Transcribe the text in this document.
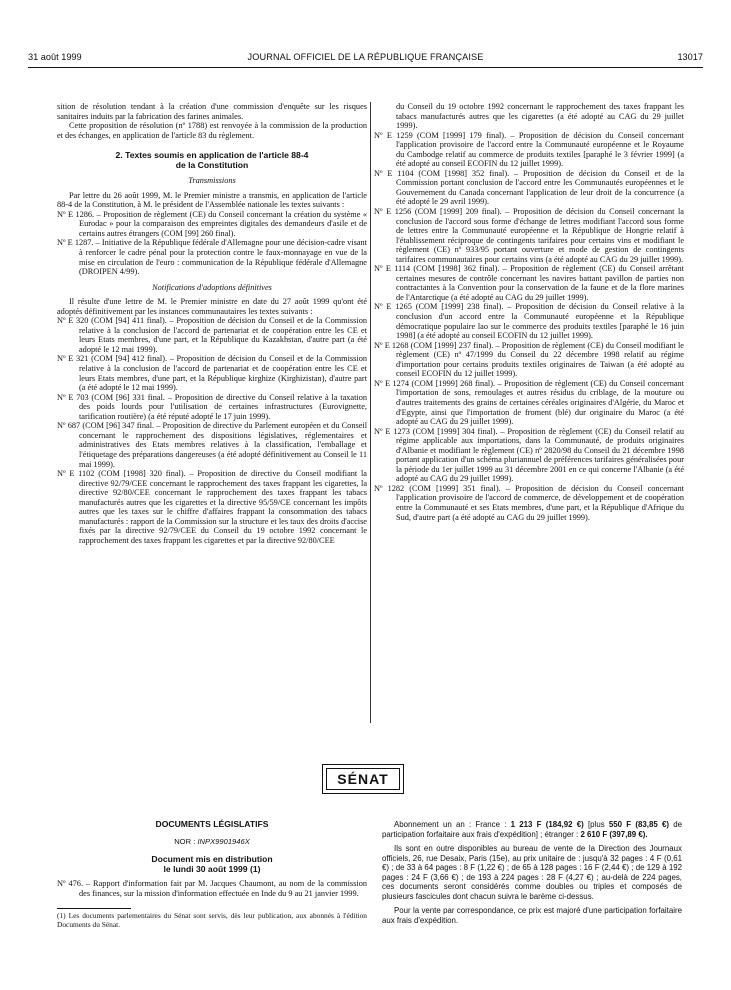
31 août 1999	JOURNAL OFFICIEL DE LA RÉPUBLIQUE FRANÇAISE	13017

sition de résolution tendant à la création d'une commission d'enquête sur les risques sanitaires induits par la fabrication des farines animales.

Cette proposition de résolution (nº 1788) est renvoyée à la commission de la production et des échanges, en application de l'article 83 du règlement.

2. Textes soumis en application de l'article 88-4
de la Constitution
Transmissions

Par lettre du 26 août 1999, M. le Premier ministre a transmis, en application de l'article 88-4 de la Constitution, à M. le président de l'Assemblée nationale les textes suivants :

Nº E 1286. – Proposition de règlement (CE) du Conseil concernant la création du système « Eurodac » pour la comparaison des empreintes digitales des demandeurs d'asile et de certains autres étrangers (COM [99] 260 final).

Nº E 1287. – Initiative de la République fédérale d'Allemagne pour une décision-cadre visant à renforcer le cadre pénal pour la protection contre le faux-monnayage en vue de la mise en circulation de l'euro : communication de la République fédérale d'Allemagne (DROIPEN 4/99).

Notifications d'adoptions définitives

Il résulte d'une lettre de M. le Premier ministre en date du 27 août 1999 qu'ont été adoptés définitivement par les instances communautaires les textes suivants :

Nº E 320 (COM [94] 411 final). – Proposition de décision du Conseil et de la Commission relative à la conclusion de l'accord de partenariat et de coopération entre les CE et leurs Etats membres, d'une part, et la République du Kazakhstan, d'autre part (a été adopté le 12 mai 1999).

Nº E 321 (COM [94] 412 final). – Proposition de décision du Conseil et de la Commission relative à la conclusion de l'accord de partenariat et de coopération entre les CE et leurs Etats membres, d'une part, et la République kirghize (Kirghizistan), d'autre part (a été adopté le 12 mai 1999).

Nº E 703 (COM [96] 331 final. – Proposition de directive du Conseil relative à la taxation des poids lourds pour l'utilisation de certaines infrastructures (Eurovignette, tarification routière) (a été réputé adopté le 17 juin 1999).

Nº 687 (COM [96] 347 final. – Proposition de directive du Parlement européen et du Conseil concernant le rapprochement des dispositions législatives, réglementaires et administratives des Etats membres relatives à la classification, l'emballage et l'étiquetage des préparations dangereuses (a été adopté définitivement au Conseil le 11 mai 1999).

Nº E 1102 (COM [1998] 320 final). – Proposition de directive du Conseil modifiant la directive 92/79/CEE concernant le rapprochement des taxes frappant les cigarettes, la directive 92/80/CEE concernant le rapprochement des taxes frappant les tabacs manufacturés autres que les cigarettes et la directive 95/59/CE concernant les impôts autres que les taxes sur le chiffre d'affaires frappant la consommation des tabacs manufacturés : rapport de la Commission sur la structure et les taux des droits d'accise fixés par la directive 92/79/CEE du Conseil du 19 octobre 1992 concernant le rapprochement des taxes frappant les cigarettes et par la directive 92/80/CEE

du Conseil du 19 octobre 1992 concernant le rapprochement des taxes frappant les tabacs manufacturés autres que les cigarettes (a été adopté au CAG du 29 juillet 1999).

Nº E 1259 (COM [1999] 179 final). – Proposition de décision du Conseil concernant l'application provisoire de l'accord entre la Communauté européenne et le Royaume du Cambodge relatif au commerce de produits textiles [paraphé le 3 février 1999] (a été adopté au conseil ECOFIN du 12 juillet 1999).

Nº E 1104 (COM [1998] 352 final). – Proposition de décision du Conseil et de la Commission portant conclusion de l'accord entre les Communautés européennes et le Gouvernement du Canada concernant l'application de leur droit de la concurrence (a été adopté le 29 avril 1999).

Nº E 1256 (COM [1999] 209 final). – Proposition de décision du Conseil concernant la conclusion de l'accord sous forme d'échange de lettres modifiant l'accord sous forme de lettres entre la Communauté européenne et la République de Hongrie relatif à l'établissement réciproque de contingents tarifaires pour certains vins et modifiant le règlement (CE) nº 933/95 portant ouverture et mode de gestion de contingents tarifaires communautaires pour certains vins (a été adopté au CAG du 29 juillet 1999).

Nº E 1114 (COM [1998] 362 final). – Proposition de règlement (CE) du Conseil arrêtant certaines mesures de contrôle concernant les navires battant pavillon de parties non contractantes à la Convention pour la conservation de la faune et de la flore marines de l'Antarctique (a été adopté au CAG du 29 juillet 1999).

Nº E 1265 (COM [1999] 238 final). – Proposition de décision du Conseil relative à la conclusion d'un accord entre la Communauté européenne et la République démocratique populaire lao sur le commerce des produits textiles [paraphé le 16 juin 1998] (a été adopté au conseil ECOFIN du 12 juillet 1999).

Nº E 1268 (COM [1999] 237 final). – Proposition de règlement (CE) du Conseil modifiant le règlement (CE) nº 47/1999 du Conseil du 22 décembre 1998 relatif au régime d'importation pour certains produits textiles originaires de Taiwan (a été adopté au conseil ECOFIN du 12 juillet 1999).

Nº E 1274 (COM [1999] 268 final). – Proposition de règlement (CE) du Conseil concernant l'importation de sons, remoulages et autres résidus du criblage, de la mouture ou d'autres traitements des grains de certaines céréales originaires d'Algérie, du Maroc et d'Egypte, ainsi que l'importation de froment (blé) dur originaire du Maroc (a été adopté au CAG du 29 juillet 1999).

Nº E 1273 (COM [1999] 304 final). – Proposition de règlement (CE) du Conseil relatif au régime applicable aux importations, dans la Communauté, de produits originaires d'Albanie et modifiant le règlement (CE) nº 2820/98 du Conseil du 21 décembre 1998 portant application d'un schéma pluriannuel de préférences tarifaires généralisées pour la période du 1er juillet 1999 au 31 décembre 2001 en ce qui concerne l'Albanie (a été adopté au CAG du 29 juillet 1999).

Nº 1282 (COM [1999] 351 final). – Proposition de décision du Conseil concernant l'application provisoire de l'accord de commerce, de développement et de coopération entre la Communauté et ses Etats membres, d'une part, et la République d'Afrique du Sud, d'autre part (a été adopté au CAG du 29 juillet 1999).

SÉNAT
DOCUMENTS LÉGISLATIFS
NOR : INPX9901946X
Document mis en distribution
le lundi 30 août 1999 (1)

Nº 476. – Rapport d'information fait par M. Jacques Chaumont, au nom de la commission des finances, sur la mission d'information effectuée en Inde du 9 au 21 janvier 1999.

(1) Les documents parlementaires du Sénat sont servis, dès leur publication, aux abonnés à l'édition Documents du Sénat.

Abonnement un an : France : 1 213 F (184,92 €) [plus 550 F (83,85 €) de participation forfaitaire aux frais d'expédition] ; étranger : 2 610 F (397,89 €).

Ils sont en outre disponibles au bureau de vente de la Direction des Journaux officiels, 26, rue Desaix, Paris (15e), au prix unitaire de : jusqu'à 32 pages : 4 F (0,61 €) ; de 33 à 64 pages : 8 F (1,22 €) ; de 65 à 128 pages : 16 F (2,44 €) ; de 129 à 192 pages : 24 F (3,66 €) ; de 193 à 224 pages : 28 F (4,27 €) ; au-delà de 224 pages, ces documents seront considérés comme doubles ou triples et composés de plusieurs fascicules dont chacun suivra le barème ci-dessus.

Pour la vente par correspondance, ce prix est majoré d'une participation forfaitaire aux frais d'expédition.
